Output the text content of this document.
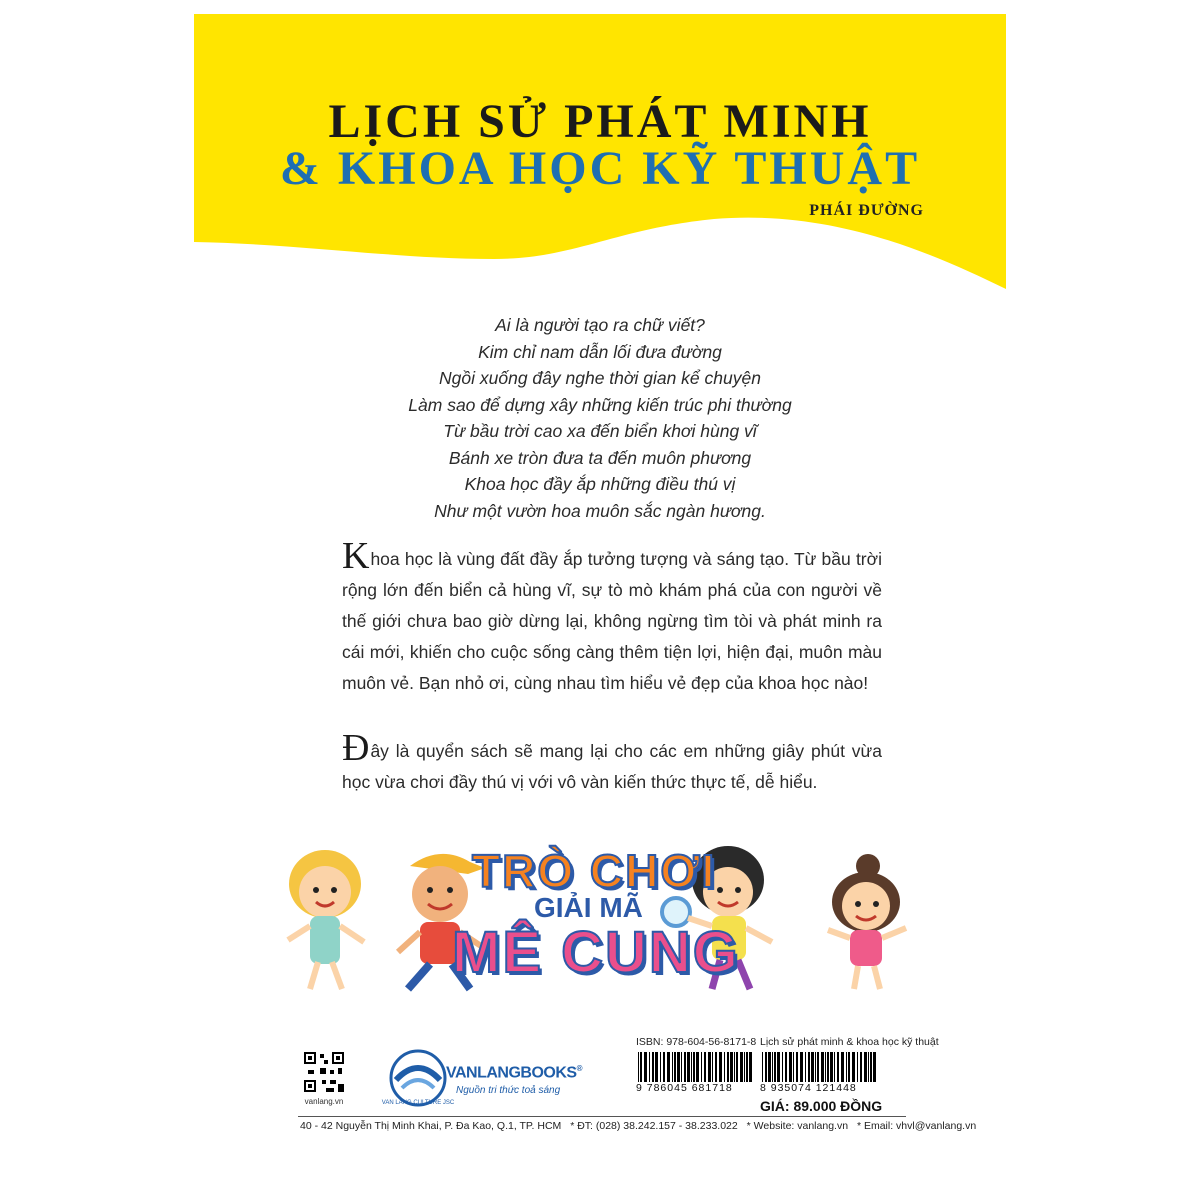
LỊCH SỬ PHÁT MINH
& KHOA HỌC KỸ THUẬT
PHÁI ĐƯỜNG
Ai là người tạo ra chữ viết?
Kim chỉ nam dẫn lối đưa đường
Ngồi xuống đây nghe thời gian kể chuyện
Làm sao để dựng xây những kiến trúc phi thường
Từ bầu trời cao xa đến biển khơi hùng vĩ
Bánh xe tròn đưa ta đến muôn phương
Khoa học đầy ắp những điều thú vị
Như một vườn hoa muôn sắc ngàn hương.

Khoa học là vùng đất đầy ắp tưởng tượng và sáng tạo. Từ bầu trời rộng lớn đến biển cả hùng vĩ, sự tò mò khám phá của con người về thế giới chưa bao giờ dừng lại, không ngừng tìm tòi và phát minh ra cái mới, khiến cho cuộc sống càng thêm tiện lợi, hiện đại, muôn màu muôn vẻ. Bạn nhỏ ơi, cùng nhau tìm hiểu vẻ đẹp của khoa học nào!

Đây là quyển sách sẽ mang lại cho các em những giây phút vừa học vừa chơi đầy thú vị với vô vàn kiến thức thực tế, dễ hiểu.

TRÒ CHƠI
GIẢI MÃ
MÊ CUNG
vanlang.vn	VAN LANG CULTURE JSC
VANLANGBOOKS®
Nguồn tri thức toả sáng
ISBN: 978-604-56-8171-8 Lịch sử phát minh & khoa học kỹ thuật
9 786045 681718	8 935074 121448
GIÁ: 89.000 ĐỒNG
40 - 42 Nguyễn Thị Minh Khai, P. Đa Kao, Q.1, TP. HCM * ĐT: (028) 38.242.157 - 38.233.022 * Website: vanlang.vn * Email: vhvl@vanlang.vn
